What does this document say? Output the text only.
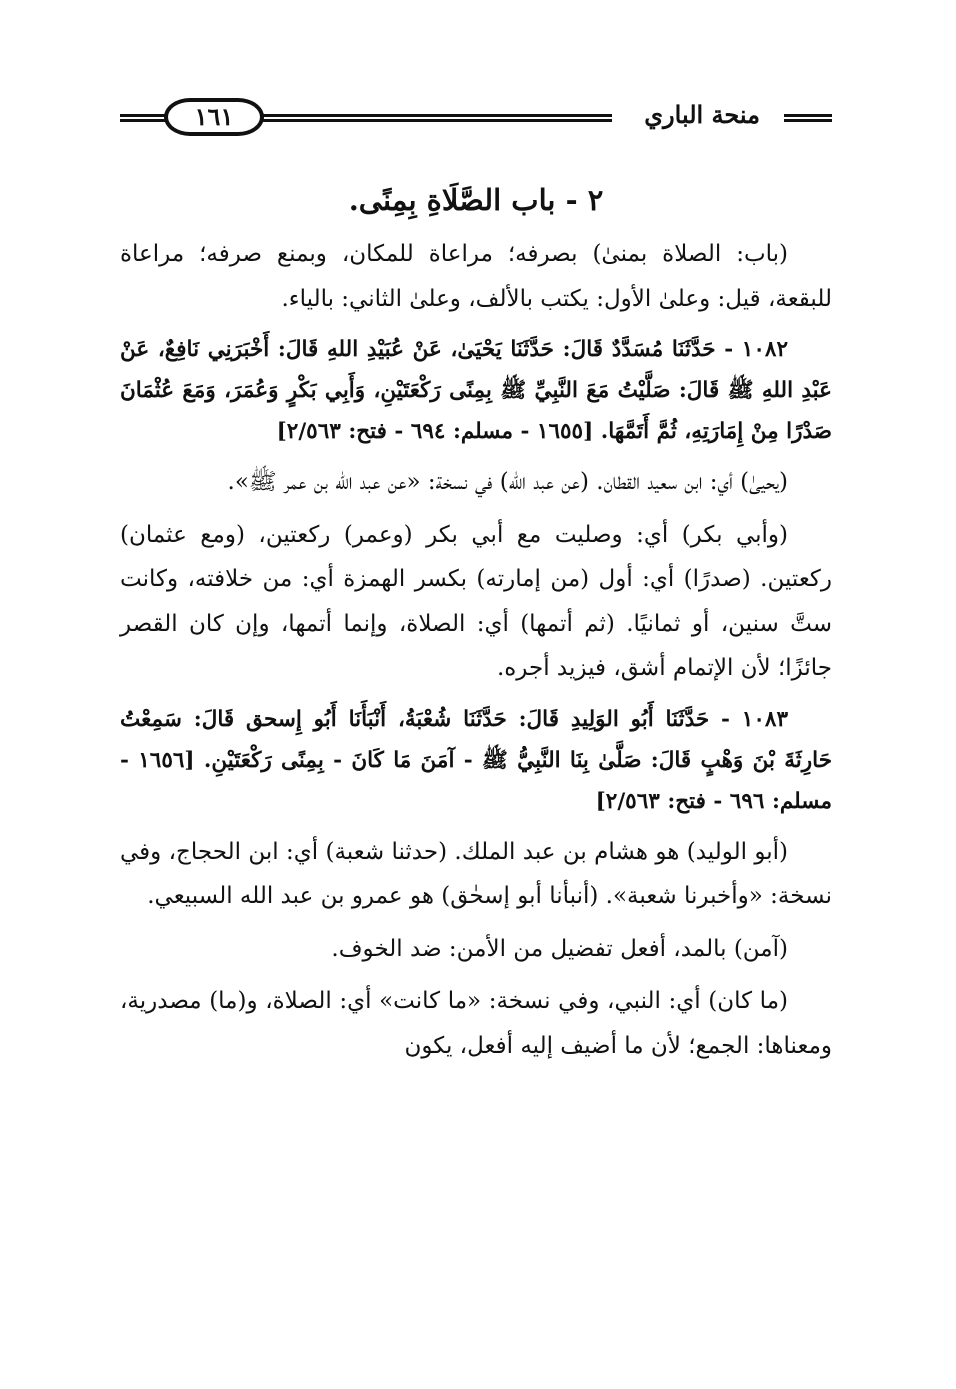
منحة الباري
١٦١
٢ - باب الصَّلَاةِ بِمِنًى.

(باب: الصلاة بمنىٰ) بصرفه؛ مراعاة للمكان، وبمنع صرفه؛ مراعاة للبقعة، قيل: وعلىٰ الأول: يكتب بالألف، وعلىٰ الثاني: بالياء.

١٠٨٢ - حَدَّثَنَا مُسَدَّدٌ قَالَ: حَدَّثَنَا يَحْيَىٰ، عَنْ عُبَيْدِ اللهِ قَالَ: أَخْبَرَنِي نَافِعٌ، عَنْ عَبْدِ اللهِ ﷺ قَالَ: صَلَّيْتُ مَعَ النَّبِيِّ ﷺ بِمِنًى رَكْعَتَيْنِ، وَأَبِي بَكْرٍ وَعُمَرَ، وَمَعَ عُثْمَانَ صَدْرًا مِنْ إِمَارَتِهِ، ثُمَّ أَتَمَّهَا. [١٦٥٥ - مسلم: ٦٩٤ - فتح: ٢/٥٦٣]

(يحيىٰ) أي: ابن سعيد القطان. (عن عبد الله) في نسخة: «عن عبد الله بن عمر ﷺ».

(وأبي بكر) أي: وصليت مع أبي بكر (وعمر) ركعتين، (ومع عثمان) ركعتين. (صدرًا) أي: أول (من إمارته) بكسر الهمزة أي: من خلافته، وكانت ستَّ سنين، أو ثمانيًا. (ثم أتمها) أي: الصلاة، وإنما أتمها، وإن كان القصر جائزًا؛ لأن الإتمام أشق، فيزيد أجره.

١٠٨٣ - حَدَّثَنَا أَبُو الوَلِيدِ قَالَ: حَدَّثَنَا شُعْبَةُ، أَنْبَأَنَا أَبُو إِسحق قَالَ: سَمِعْتُ حَارِثَةَ بْنَ وَهْبٍ قَالَ: صَلَّىٰ بِنَا النَّبِيُّ ﷺ - آمَنَ مَا كَانَ - بِمِنًى رَكْعَتَيْنِ. [١٦٥٦ - مسلم: ٦٩٦ - فتح: ٢/٥٦٣]

(أبو الوليد) هو هشام بن عبد الملك. (حدثنا شعبة) أي: ابن الحجاج، وفي نسخة: «وأخبرنا شعبة». (أنبأنا أبو إسحٰق) هو عمرو بن عبد الله السبيعي.

(آمن) بالمد، أفعل تفضيل من الأمن: ضد الخوف.

(ما كان) أي: النبي، وفي نسخة: «ما كانت» أي: الصلاة، و(ما) مصدرية، ومعناها: الجمع؛ لأن ما أضيف إليه أفعل، يكون
